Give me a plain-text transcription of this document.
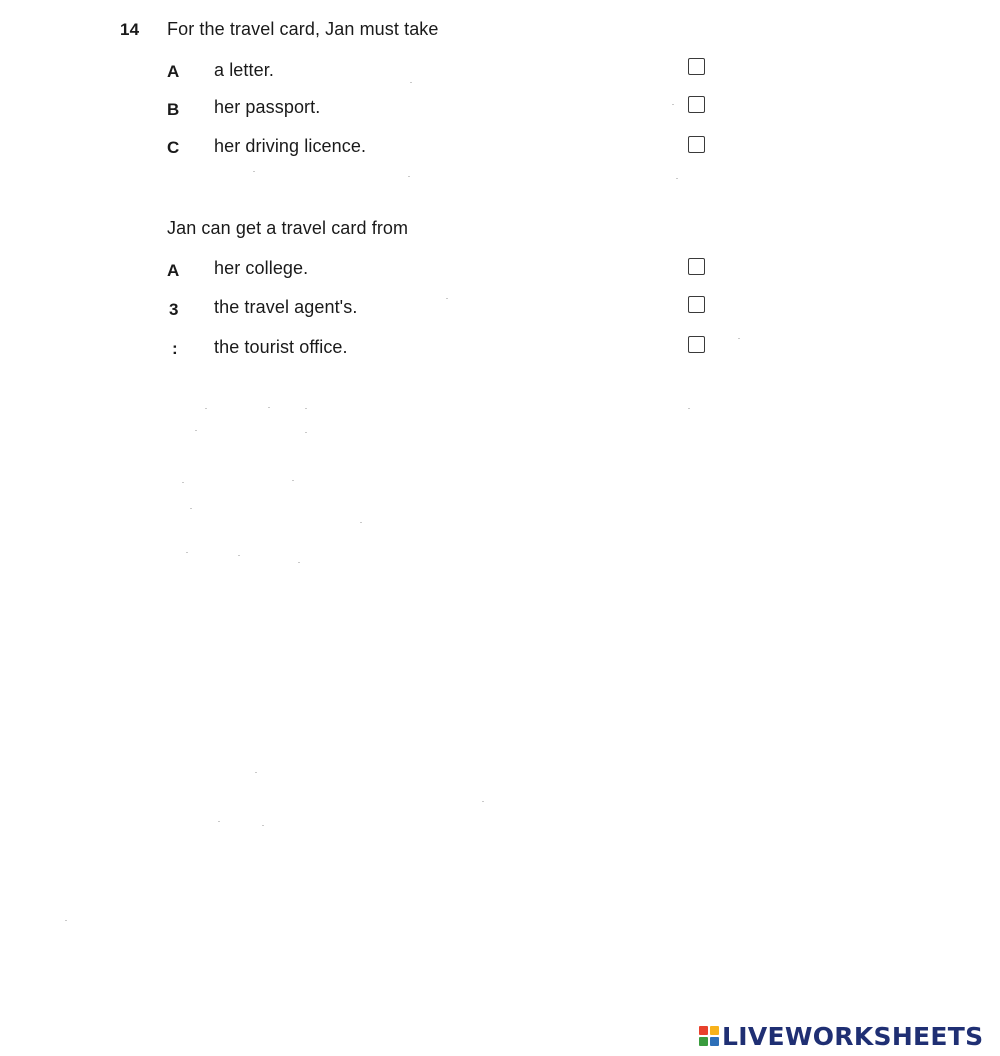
14 For the travel card, Jan must take
A a letter.
B her passport.
C her driving licence.
Jan can get a travel card from
A her college.
3 the travel agent's.
: the tourist office.
LIVEWORKSHEETS
